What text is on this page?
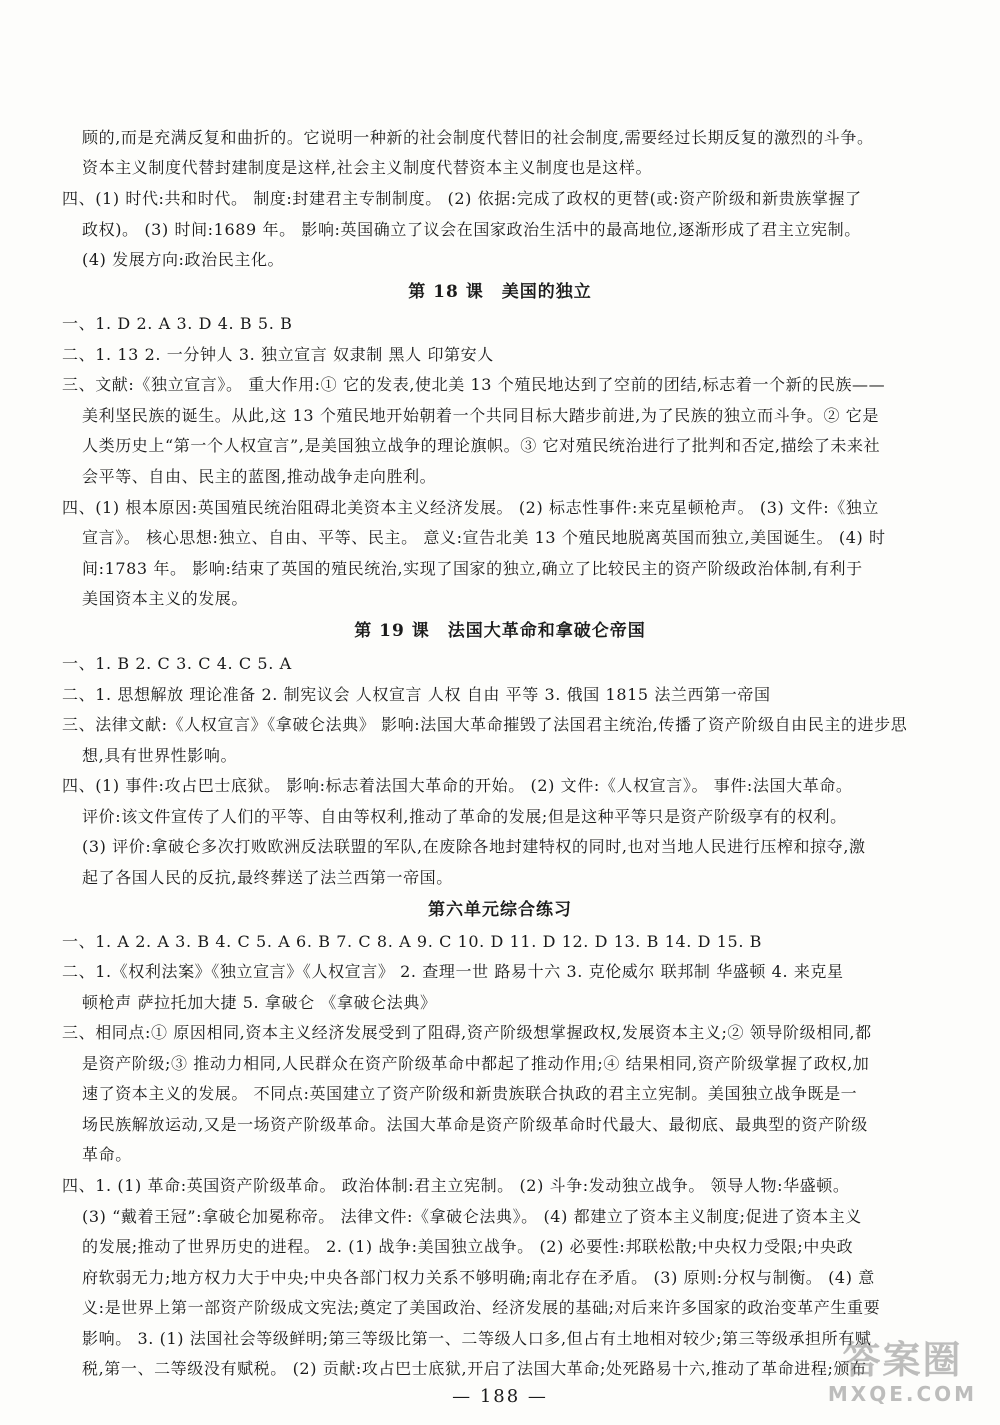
顾的,而是充满反复和曲折的。它说明一种新的社会制度代替旧的社会制度,需要经过长期反复的激烈的斗争。
资本主义制度代替封建制度是这样,社会主义制度代替资本主义制度也是这样。
四、(1) 时代:共和时代。 制度:封建君主专制制度。 (2) 依据:完成了政权的更替(或:资产阶级和新贵族掌握了
政权)。 (3) 时间:1689 年。 影响:英国确立了议会在国家政治生活中的最高地位,逐渐形成了君主立宪制。
(4) 发展方向:政治民主化。
第 18 课　美国的独立
一、1. D 2. A 3. D 4. B 5. B
二、1. 13 2. 一分钟人 3. 独立宣言 奴隶制 黑人 印第安人
三、文献:《独立宣言》。 重大作用:① 它的发表,使北美 13 个殖民地达到了空前的团结,标志着一个新的民族——
美利坚民族的诞生。从此,这 13 个殖民地开始朝着一个共同目标大踏步前进,为了民族的独立而斗争。② 它是
人类历史上“第一个人权宣言”,是美国独立战争的理论旗帜。③ 它对殖民统治进行了批判和否定,描绘了未来社
会平等、自由、民主的蓝图,推动战争走向胜利。
四、(1) 根本原因:英国殖民统治阻碍北美资本主义经济发展。 (2) 标志性事件:来克星顿枪声。 (3) 文件:《独立
宣言》。 核心思想:独立、自由、平等、民主。 意义:宣告北美 13 个殖民地脱离英国而独立,美国诞生。 (4) 时
间:1783 年。 影响:结束了英国的殖民统治,实现了国家的独立,确立了比较民主的资产阶级政治体制,有利于
美国资本主义的发展。
第 19 课　法国大革命和拿破仑帝国
一、1. B 2. C 3. C 4. C 5. A
二、1. 思想解放 理论准备 2. 制宪议会 人权宣言 人权 自由 平等 3. 俄国 1815 法兰西第一帝国
三、法律文献:《人权宣言》《拿破仑法典》 影响:法国大革命摧毁了法国君主统治,传播了资产阶级自由民主的进步思
想,具有世界性影响。
四、(1) 事件:攻占巴士底狱。 影响:标志着法国大革命的开始。 (2) 文件:《人权宣言》。 事件:法国大革命。
评价:该文件宣传了人们的平等、自由等权利,推动了革命的发展;但是这种平等只是资产阶级享有的权利。
(3) 评价:拿破仑多次打败欧洲反法联盟的军队,在废除各地封建特权的同时,也对当地人民进行压榨和掠夺,激
起了各国人民的反抗,最终葬送了法兰西第一帝国。
第六单元综合练习
一、1. A 2. A 3. B 4. C 5. A 6. B 7. C 8. A 9. C 10. D 11. D 12. D 13. B 14. D 15. B
二、1.《权利法案》《独立宣言》《人权宣言》 2. 查理一世 路易十六 3. 克伦威尔 联邦制 华盛顿 4. 来克星
顿枪声 萨拉托加大捷 5. 拿破仑 《拿破仑法典》
三、相同点:① 原因相同,资本主义经济发展受到了阻碍,资产阶级想掌握政权,发展资本主义;② 领导阶级相同,都
是资产阶级;③ 推动力相同,人民群众在资产阶级革命中都起了推动作用;④ 结果相同,资产阶级掌握了政权,加
速了资本主义的发展。 不同点:英国建立了资产阶级和新贵族联合执政的君主立宪制。美国独立战争既是一
场民族解放运动,又是一场资产阶级革命。法国大革命是资产阶级革命时代最大、最彻底、最典型的资产阶级
革命。
四、1. (1) 革命:英国资产阶级革命。 政治体制:君主立宪制。 (2) 斗争:发动独立战争。 领导人物:华盛顿。
(3) “戴着王冠”:拿破仑加冕称帝。 法律文件:《拿破仑法典》。 (4) 都建立了资本主义制度;促进了资本主义
的发展;推动了世界历史的进程。 2. (1) 战争:美国独立战争。 (2) 必要性:邦联松散;中央权力受限;中央政
府软弱无力;地方权力大于中央;中央各部门权力关系不够明确;南北存在矛盾。 (3) 原则:分权与制衡。 (4) 意
义:是世界上第一部资产阶级成文宪法;奠定了美国政治、经济发展的基础;对后来许多国家的政治变革产生重要
影响。 3. (1) 法国社会等级鲜明;第三等级比第一、二等级人口多,但占有土地相对较少;第三等级承担所有赋
税,第一、二等级没有赋税。 (2) 贡献:攻占巴士底狱,开启了法国大革命;处死路易十六,推动了革命进程;颁布
— 188 —
答案圈
MXQE.COM
